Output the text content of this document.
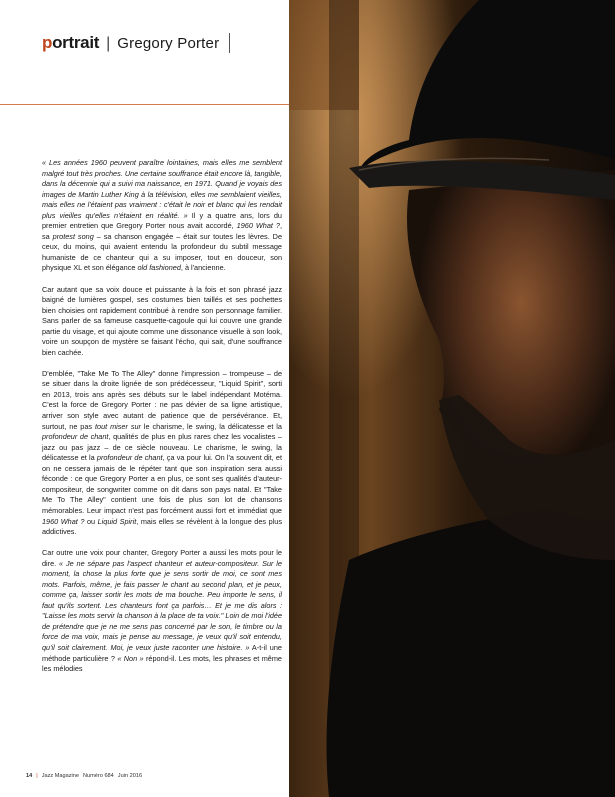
portrait | Gregory Porter

« Les années 1960 peuvent paraître lointaines, mais elles me semblent malgré tout très proches. Une certaine souffrance était encore là, tangible, dans la décennie qui a suivi ma naissance, en 1971. Quand je voyais des images de Martin Luther King à la télévision, elles me semblaient vieilles, mais elles ne l'étaient pas vraiment : c'était le noir et blanc qui les rendait plus vieilles qu'elles n'étaient en réalité. » Il y a quatre ans, lors du premier entretien que Gregory Porter nous avait accordé, 1960 What ?, sa protest song – sa chanson engagée – était sur toutes les lèvres. De ceux, du moins, qui avaient entendu la profondeur du subtil message humaniste de ce chanteur qui a su imposer, tout en douceur, son physique XL et son élégance old fashioned, à l'ancienne.

Car autant que sa voix douce et puissante à la fois et son phrasé jazz baigné de lumières gospel, ses costumes bien taillés et ses pochettes bien choisies ont rapidement contribué à rendre son personnage familier. Sans parler de sa fameuse casquette-cagoule qui lui couvre une grande partie du visage, et qui ajoute comme une dissonance visuelle à son look, voire un soupçon de mystère se faisant l'écho, qui sait, d'une souffrance bien cachée.

D'emblée, "Take Me To The Alley" donne l'impression – trompeuse – de se situer dans la droite lignée de son prédécesseur, "Liquid Spirit", sorti en 2013, trois ans après ses débuts sur le label indépendant Motéma. C'est la force de Gregory Porter : ne pas dévier de sa ligne artistique, arriver son style avec autant de patience que de persévérance. Et, surtout, ne pas tout miser sur le charisme, le swing, la délicatesse et la profondeur de chant, qualités de plus en plus rares chez les vocalistes – jazz ou pas jazz – de ce siècle nouveau. Le charisme, le swing, la délicatesse et la profondeur de chant, ça va pour lui. On l'a souvent dit, et on ne cessera jamais de le répéter tant que son inspiration sera aussi féconde : ce que Gregory Porter a en plus, ce sont ses qualités d'auteur-compositeur, de songwriter comme on dit dans son pays natal. Et "Take Me To The Alley" contient une fois de plus son lot de chansons mémorables. Leur impact n'est pas forcément aussi fort et immédiat que 1960 What ? ou Liquid Spirit, mais elles se révèlent à la longue des plus addictives.

Car outre une voix pour chanter, Gregory Porter a aussi les mots pour le dire. « Je ne sépare pas l'aspect chanteur et auteur-compositeur. Sur le moment, la chose la plus forte que je sens sortir de moi, ce sont mes mots. Parfois, même, je fais passer le chant au second plan, et je peux, comme ça, laisser sortir les mots de ma bouche. Peu importe le sens, il faut qu'ils sortent. Les chanteurs font ça parfois… Et je me dis alors : "Laisse les mots servir la chanson à la place de ta voix." Loin de moi l'idée de prétendre que je ne me sens pas concerné par le son, le timbre ou la force de ma voix, mais je pense au message, je veux qu'il soit entendu, qu'il soit clairement. Moi, je veux juste raconter une histoire. » A-t-il une méthode particulière ? « Non » répond-il. Les mots, les phrases et même les mélodies

14 | Jazz Magazine Numéro 684 Juin 2016
